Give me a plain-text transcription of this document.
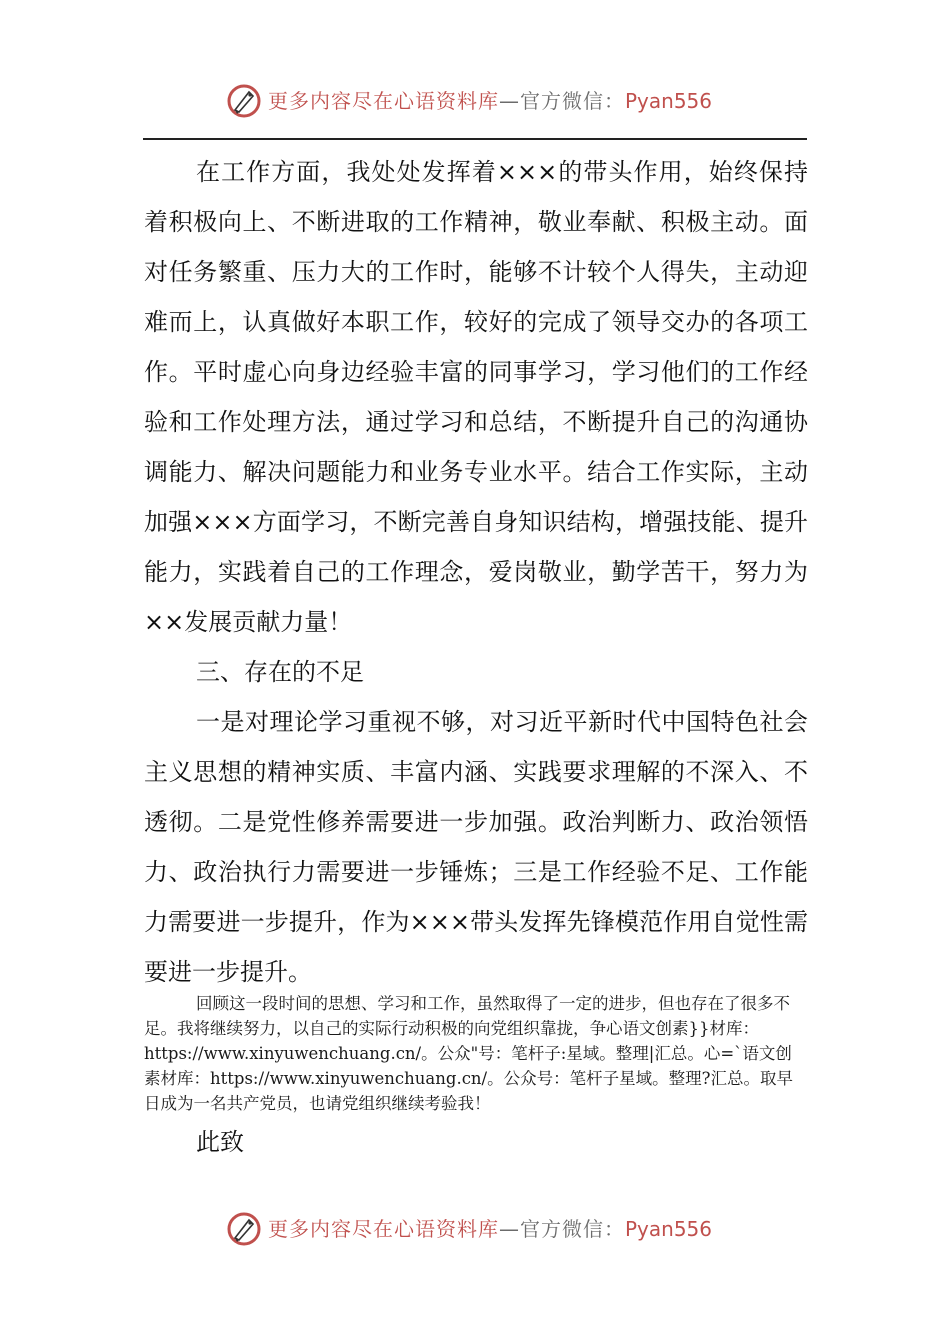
更多内容尽在心语资料库—官方微信：Pyan556

在工作方面，我处处发挥着×××的带头作用，始终保持着积极向上、不断进取的工作精神，敬业奉献、积极主动。面对任务繁重、压力大的工作时，能够不计较个人得失，主动迎难而上，认真做好本职工作，较好的完成了领导交办的各项工作。平时虚心向身边经验丰富的同事学习，学习他们的工作经验和工作处理方法，通过学习和总结，不断提升自己的沟通协调能力、解决问题能力和业务专业水平。结合工作实际，主动加强×××方面学习，不断完善自身知识结构，增强技能、提升能力，实践着自己的工作理念，爱岗敬业，勤学苦干，努力为××发展贡献力量！

三、存在的不足

一是对理论学习重视不够，对习近平新时代中国特色社会主义思想的精神实质、丰富内涵、实践要求理解的不深入、不透彻。二是党性修养需要进一步加强。政治判断力、政治领悟力、政治执行力需要进一步锤炼；三是工作经验不足、工作能力需要进一步提升，作为×××带头发挥先锋模范作用自觉性需要进一步提升。

回顾这一段时间的思想、学习和工作，虽然取得了一定的进步，但也存在了很多不足。我将继续努力，以自己的实际行动积极的向党组织靠拢，争心语文创素}}材库：https://www.xinyuwenchuang.cn/。公众"号：笔杆子:星域。整理|汇总。心=`语文创素材库：https://www.xinyuwenchuang.cn/。公众号：笔杆子星域。整理?汇总。取早日成为一名共产党员，也请党组织继续考验我！

此致

更多内容尽在心语资料库—官方微信：Pyan556
